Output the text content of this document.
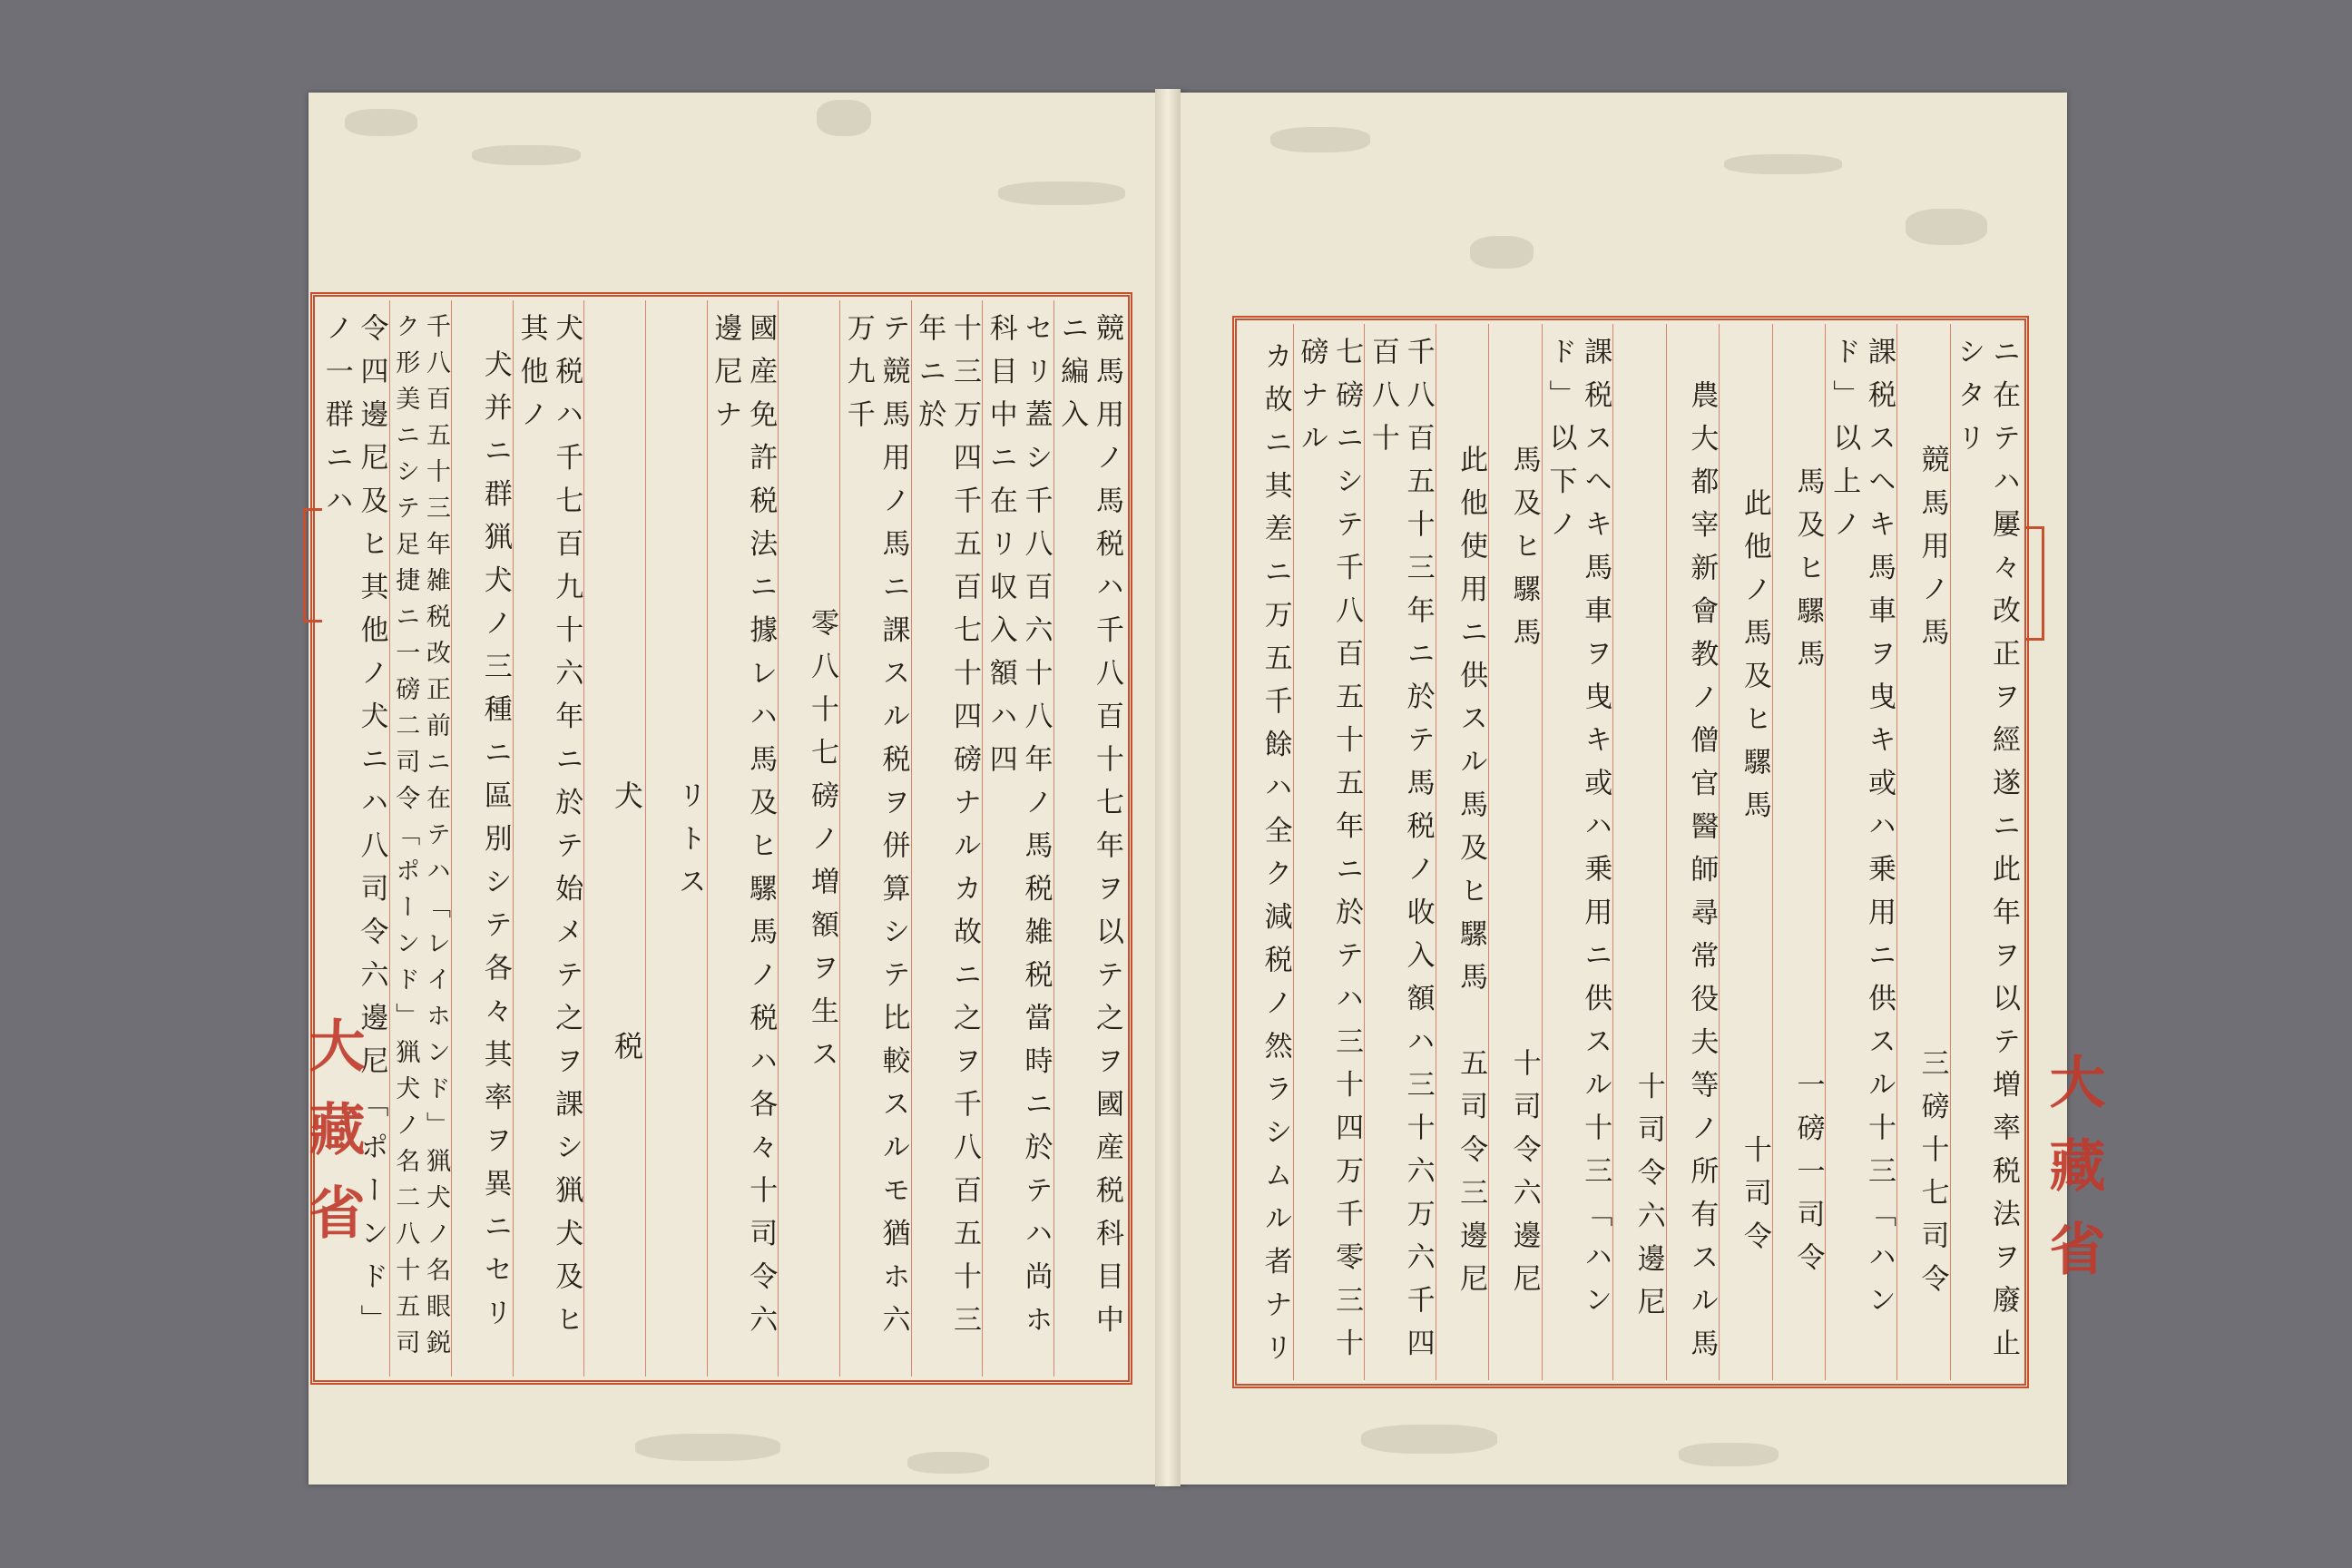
競馬用ノ馬税ハ千八百十七年ヲ以テ之ヲ國産税科目中ニ編入
セリ蓋シ千八百六十八年ノ馬税雑税當時ニ於テハ尚ホ科目中ニ在リ収入額ハ四
十三万四千五百七十四磅ナルカ故ニ之ヲ千八百五十三年ニ於
テ競馬用ノ馬ニ課スル税ヲ併算シテ比較スルモ猶ホ六万九千
零八十七磅ノ増額ヲ生ス
國産免許税法ニ據レハ馬及ヒ騾馬ノ税ハ各々十司令六邊尼ナ
リトス
犬　　税
犬税ハ千七百九十六年ニ於テ始メテ之ヲ課シ猟犬及ヒ其他ノ
犬并ニ群猟犬ノ三種ニ區別シテ各々其率ヲ異ニセリ
千八百五十三年雑税改正前ニ在テハ「レイホンド」猟犬ノ名眼鋭ク形美ニシテ足捷ニ一磅二司令「ポーンド」猟犬ノ名二八十五司
令四邊尼及ヒ其他ノ犬ニハ八司令六邊尼「ポーンド」ノ一群ニハ
大藏省	ニ在テハ屢々改正ヲ經遂ニ此年ヲ以テ増率税法ヲ廢止シタリ
競馬用ノ馬　　　　　　　　　三磅十七司令
課税スヘキ馬車ヲ曳キ或ハ乗用ニ供スル十三「ハンド」以上ノ
馬及ヒ騾馬　　　　　　　　　一磅一司令
此他ノ馬及ヒ騾馬　　　　　　　十司令
農大都宰新會教ノ僧官醫師尋常役夫等ノ所有スル馬
　　　　　　　　　　　　　十司令六邊尼
課税スヘキ馬車ヲ曳キ或ハ乗用ニ供スル十三「ハンド」以下ノ
馬及ヒ騾馬　　　　　　　　　十司令六邊尼
此他使用ニ供スル馬及ヒ騾馬　五司令三邊尼
千八百五十三年ニ於テ馬税ノ收入額ハ三十六万六千四百八十
七磅ニシテ千八百五十五年ニ於テハ三十四万千零三十磅ナル
カ故ニ其差ニ万五千餘ハ全ク減税ノ然ラシムル者ナリ	大藏省
